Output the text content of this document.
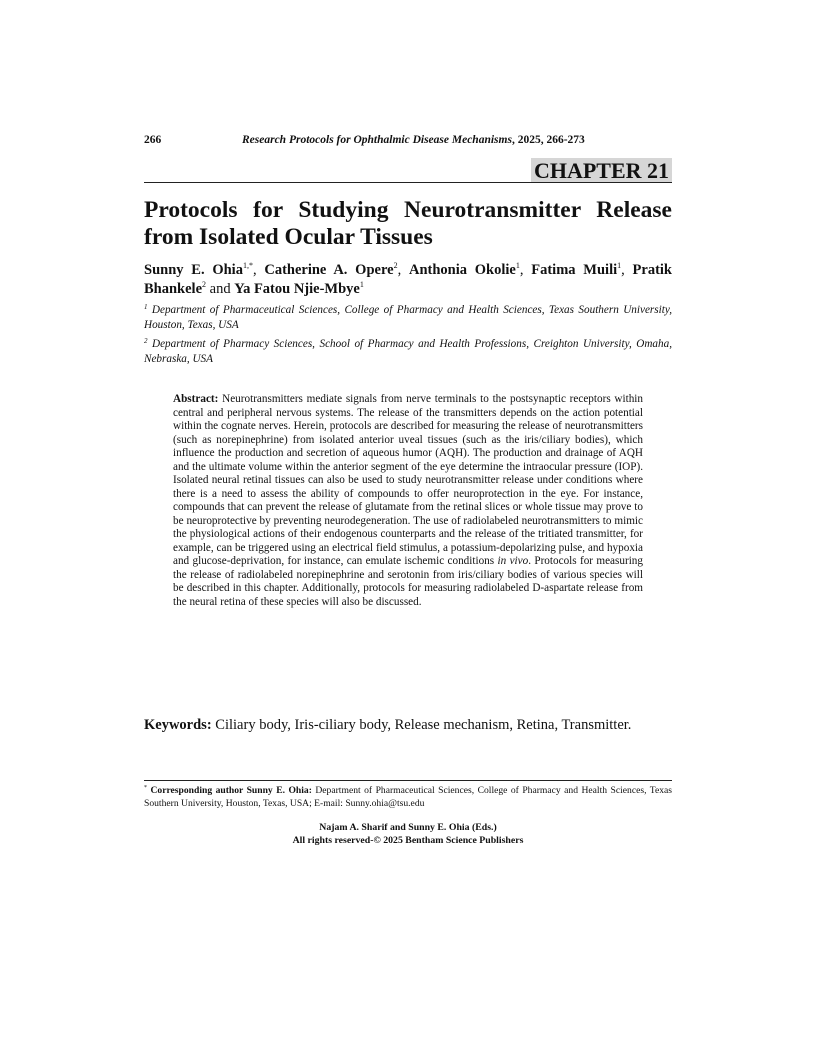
266	Research Protocols for Ophthalmic Disease Mechanisms, 2025, 266-273
CHAPTER 21
Protocols for Studying Neurotransmitter Release from Isolated Ocular Tissues
Sunny E. Ohia$^{1,*}$, Catherine A. Opere$^2$, Anthonia Okolie$^1$, Fatima Muili$^1$, Pratik Bhankele$^2$ and Ya Fatou Njie-Mbye$^1$
$^1$ Department of Pharmaceutical Sciences, College of Pharmacy and Health Sciences, Texas Southern University, Houston, Texas, USA
$^2$ Department of Pharmacy Sciences, School of Pharmacy and Health Professions, Creighton University, Omaha, Nebraska, USA
Abstract: Neurotransmitters mediate signals from nerve terminals to the postsynaptic receptors within central and peripheral nervous systems. The release of the transmitters depends on the action potential within the cognate nerves. Herein, protocols are described for measuring the release of neurotransmitters (such as norepinephrine) from isolated anterior uveal tissues (such as the iris/ciliary bodies), which influence the production and secretion of aqueous humor (AQH). The production and drainage of AQH and the ultimate volume within the anterior segment of the eye determine the intraocular pressure (IOP). Isolated neural retinal tissues can also be used to study neurotransmitter release under conditions where there is a need to assess the ability of compounds to offer neuroprotection in the eye. For instance, compounds that can prevent the release of glutamate from the retinal slices or whole tissue may prove to be neuroprotective by preventing neurodegeneration. The use of radiolabeled neurotransmitters to mimic the physiological actions of their endogenous counterparts and the release of the tritiated transmitter, for example, can be triggered using an electrical field stimulus, a potassium-depolarizing pulse, and hypoxia and glucose-deprivation, for instance, can emulate ischemic conditions in vivo. Protocols for measuring the release of radiolabeled norepinephrine and serotonin from iris/ciliary bodies of various species will be described in this chapter. Additionally, protocols for measuring radiolabeled D-aspartate release from the neural retina of these species will also be discussed.
Keywords: Ciliary body, Iris-ciliary body, Release mechanism, Retina, Transmitter.
* Corresponding author Sunny E. Ohia: Department of Pharmaceutical Sciences, College of Pharmacy and Health Sciences, Texas Southern University, Houston, Texas, USA; E-mail: Sunny.ohia@tsu.edu
Najam A. Sharif and Sunny E. Ohia (Eds.)
All rights reserved-© 2025 Bentham Science Publishers
